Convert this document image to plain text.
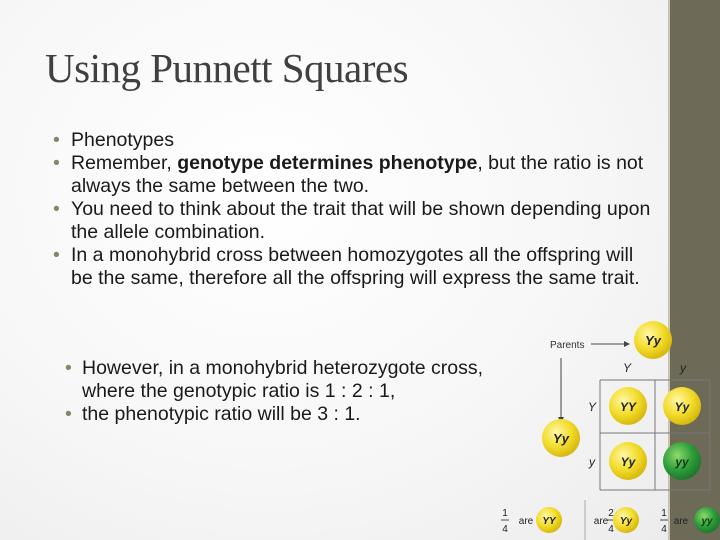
Using Punnett Squares
• Phenotypes
• Remember, genotype determines phenotype, but the ratio is not always the same between the two.
• You need to think about the trait that will be shown depending upon the allele combination.
• In a monohybrid cross between homozygotes all the offspring will be the same, therefore all the offspring will express the same trait.
• However, in a monohybrid heterozygote cross, where the genotypic ratio is 1 : 2 : 1,
• the phenotypic ratio will be 3 : 1.
Parents	Yy
Yy
Y	y
Y
y
YY	Yy
Yy	yy
1
4
are YY
2
4
are Yy
1
4
are yy
